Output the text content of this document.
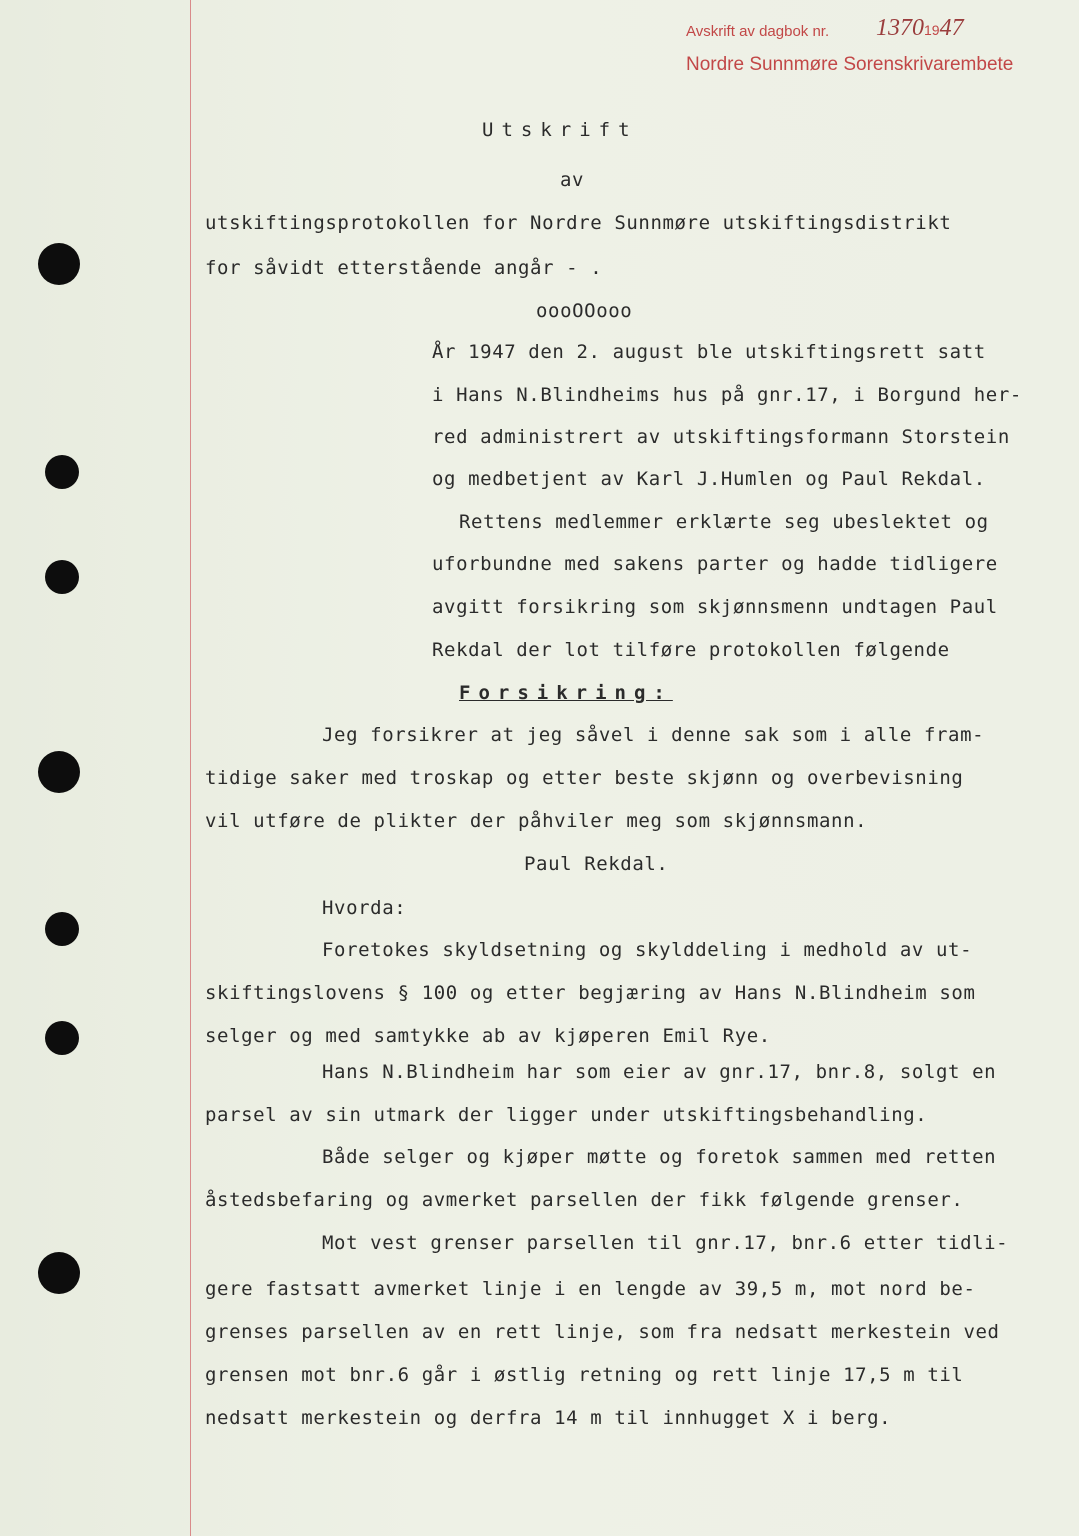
Avskrift av dagbok nr. 13701947
Nordre Sunnmøre Sorenskrivarembete
Utskrift
av
utskiftingsprotokollen for Nordre Sunnmøre utskiftingsdistrikt
for såvidt etterstående angår - .
oooOOooo
År 1947 den 2. august ble utskiftingsrett satt
i Hans N.Blindheims hus på gnr.17, i Borgund her-
red administrert av utskiftingsformann Storstein
og medbetjent av Karl J.Humlen og Paul Rekdal.
Rettens medlemmer erklærte seg ubeslektet og
uforbundne med sakens parter og hadde tidligere
avgitt forsikring som skjønnsmenn undtagen Paul
Rekdal der lot tilføre protokollen følgende
Forsikring:
Jeg forsikrer at jeg såvel i denne sak som i alle fram-
tidige saker med troskap og etter beste skjønn og overbevisning
vil utføre de plikter der påhviler meg som skjønnsmann.
Paul Rekdal.
Hvorda:
Foretokes skyldsetning og skylddeling i medhold av ut-
skiftingslovens § 100 og etter begjæring av Hans N.Blindheim som
selger og med samtykke ab av kjøperen Emil Rye.
Hans N.Blindheim har som eier av gnr.17, bnr.8, solgt en
parsel av sin utmark der ligger under utskiftingsbehandling.
Både selger og kjøper møtte og foretok sammen med retten
åstedsbefaring og avmerket parsellen der fikk følgende grenser.
Mot vest grenser parsellen til gnr.17, bnr.6 etter tidli-
gere fastsatt avmerket linje i en lengde av 39,5 m, mot nord be-
grenses parsellen av en rett linje, som fra nedsatt merkestein ved
grensen mot bnr.6 går i østlig retning og rett linje 17,5 m til
nedsatt merkestein og derfra 14 m til innhugget X i berg.
